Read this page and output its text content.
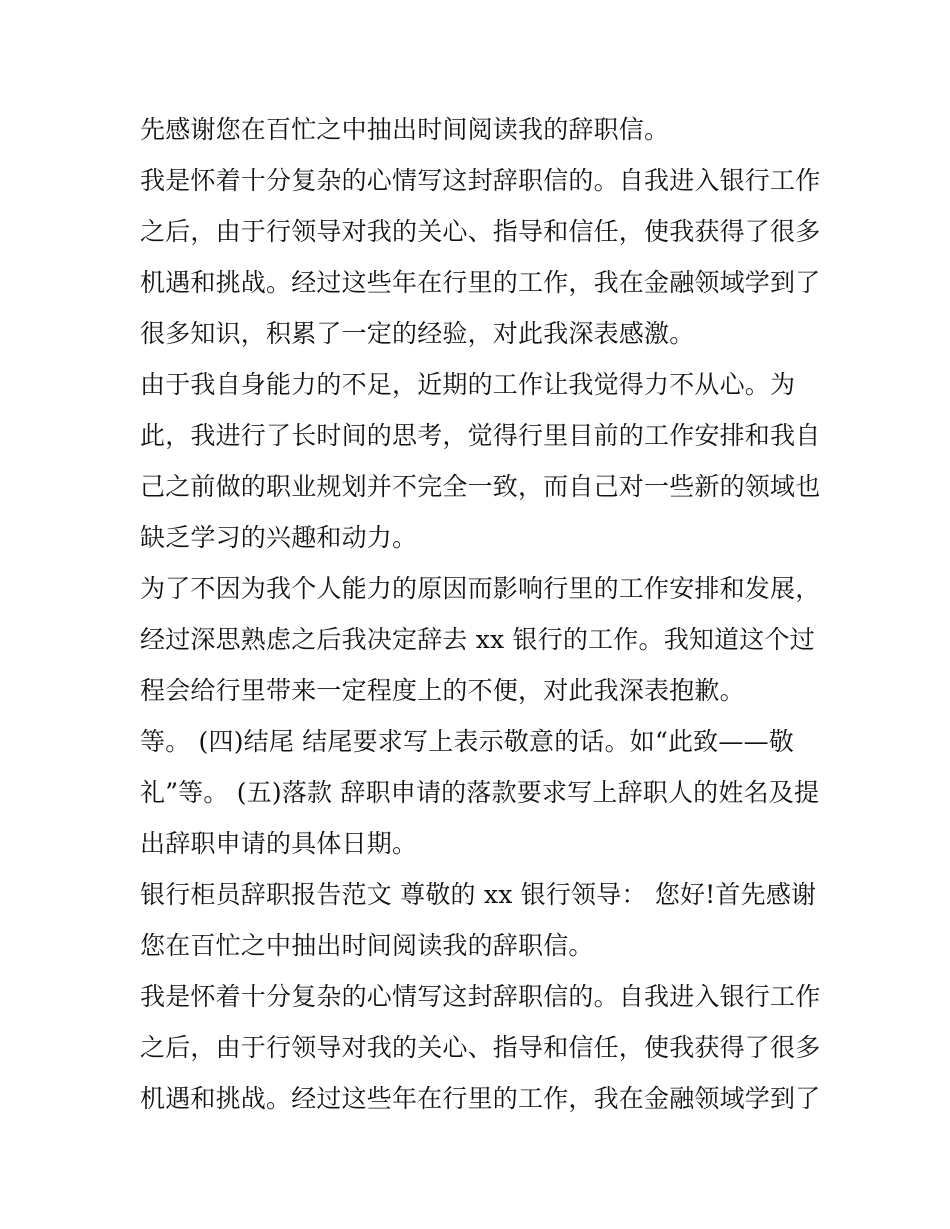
先感谢您在百忙之中抽出时间阅读我的辞职信。
我是怀着十分复杂的心情写这封辞职信的。自我进入银行工作
之后，由于行领导对我的关心、指导和信任，使我获得了很多
机遇和挑战。经过这些年在行里的工作，我在金融领域学到了
很多知识，积累了一定的经验，对此我深表感激。
由于我自身能力的不足，近期的工作让我觉得力不从心。为
此，我进行了长时间的思考，觉得行里目前的工作安排和我自
己之前做的职业规划并不完全一致，而自己对一些新的领域也
缺乏学习的兴趣和动力。
为了不因为我个人能力的原因而影响行里的工作安排和发展，
经过深思熟虑之后我决定辞去 xx 银行的工作。我知道这个过
程会给行里带来一定程度上的不便，对此我深表抱歉。
等。 (四)结尾 结尾要求写上表示敬意的话。如“此致——敬
礼”等。 (五)落款 辞职申请的落款要求写上辞职人的姓名及提
出辞职申请的具体日期。
银行柜员辞职报告范文 尊敬的 xx 银行领导： 您好!首先感谢
您在百忙之中抽出时间阅读我的辞职信。
我是怀着十分复杂的心情写这封辞职信的。自我进入银行工作
之后，由于行领导对我的关心、指导和信任，使我获得了很多
机遇和挑战。经过这些年在行里的工作，我在金融领域学到了
